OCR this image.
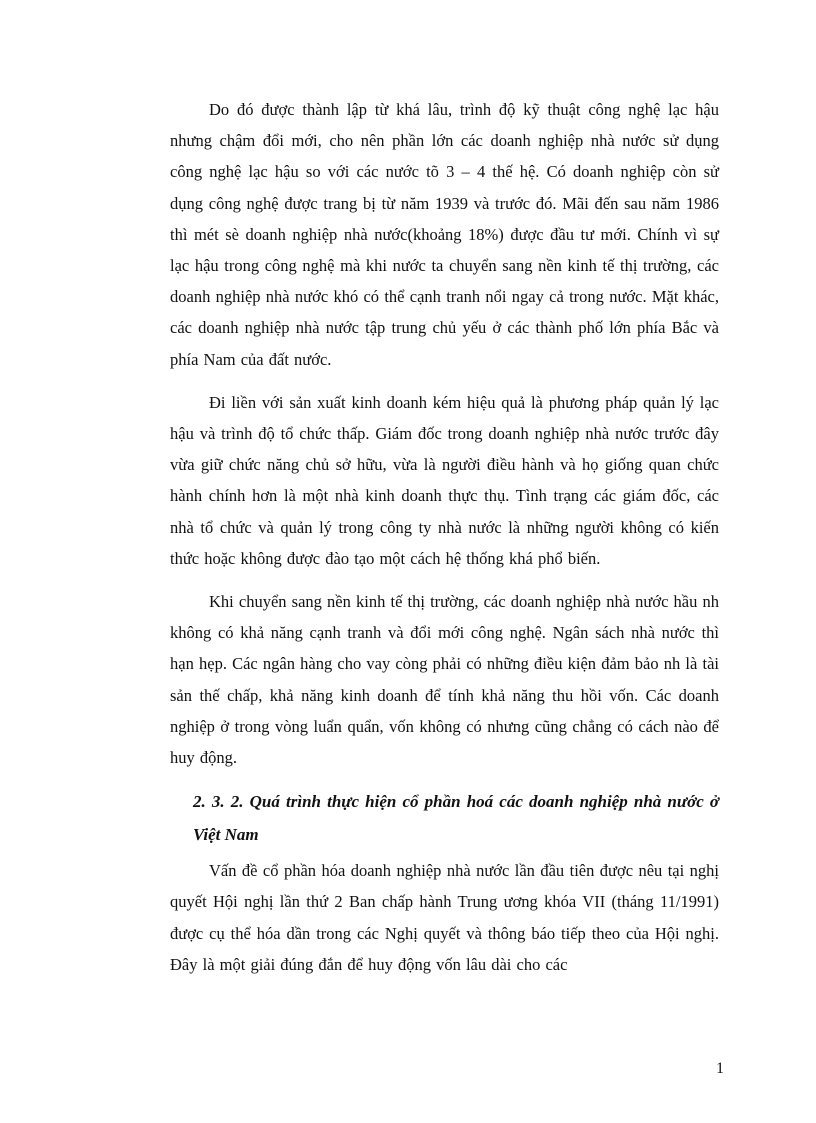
Do đó được thành lập từ khá lâu, trình độ kỹ thuật công nghệ lạc hậu nhưng chậm đổi mới, cho nên phần lớn các doanh nghiệp nhà nước sử dụng công nghệ lạc hậu so với các nước tõ 3 – 4 thế hệ. Có doanh nghiệp còn sử dụng công nghệ được trang bị từ năm 1939 và trước đó. Mãi đến sau năm 1986 thì mét sè doanh nghiệp nhà nước(khoảng 18%) được đầu tư mới. Chính vì sự lạc hậu trong công nghệ mà khi nước ta chuyển sang nền kinh tế thị trường, các doanh nghiệp nhà nước khó có thể cạnh tranh nổi ngay cả trong nước. Mặt khác, các doanh nghiệp nhà nước tập trung chủ yếu ở các thành phố lớn phía Bắc và phía Nam của đất nước.

Đi liền với sản xuất kinh doanh kém hiệu quả là phương pháp quản lý lạc hậu và trình độ tổ chức thấp. Giám đốc trong doanh nghiệp nhà nước trước đây vừa giữ chức năng chủ sở hữu, vừa là người điều hành và họ giống quan chức hành chính hơn là một nhà kinh doanh thực thụ. Tình trạng các giám đốc, các nhà tổ chức và quản lý trong công ty nhà nước là những người không có kiến thức hoặc không được đào tạo một cách hệ thống khá phổ biến.

Khi chuyển sang nền kinh tế thị trường, các doanh nghiệp nhà nước hầu nh không có khả năng cạnh tranh và đổi mới công nghệ. Ngân sách nhà nước thì hạn hẹp. Các ngân hàng cho vay còng phải có những điều kiện đảm bảo nh là tài sản thế chấp, khả năng kinh doanh để tính khả năng thu hồi vốn. Các doanh nghiệp ở trong vòng luẩn quẩn, vốn không có nhưng cũng chẳng có cách nào để huy động.

2. 3. 2. Quá trình thực hiện cổ phần hoá các doanh nghiệp nhà nước ở Việt Nam

Vấn đề cổ phần hóa doanh nghiệp nhà nước lần đầu tiên được nêu tại nghị quyết Hội nghị lần thứ 2 Ban chấp hành Trung ương khóa VII (tháng 11/1991) được cụ thể hóa dần trong các Nghị quyết và thông báo tiếp theo của Hội nghị. Đây là một giải đúng đắn để huy động vốn lâu dài cho các

1
